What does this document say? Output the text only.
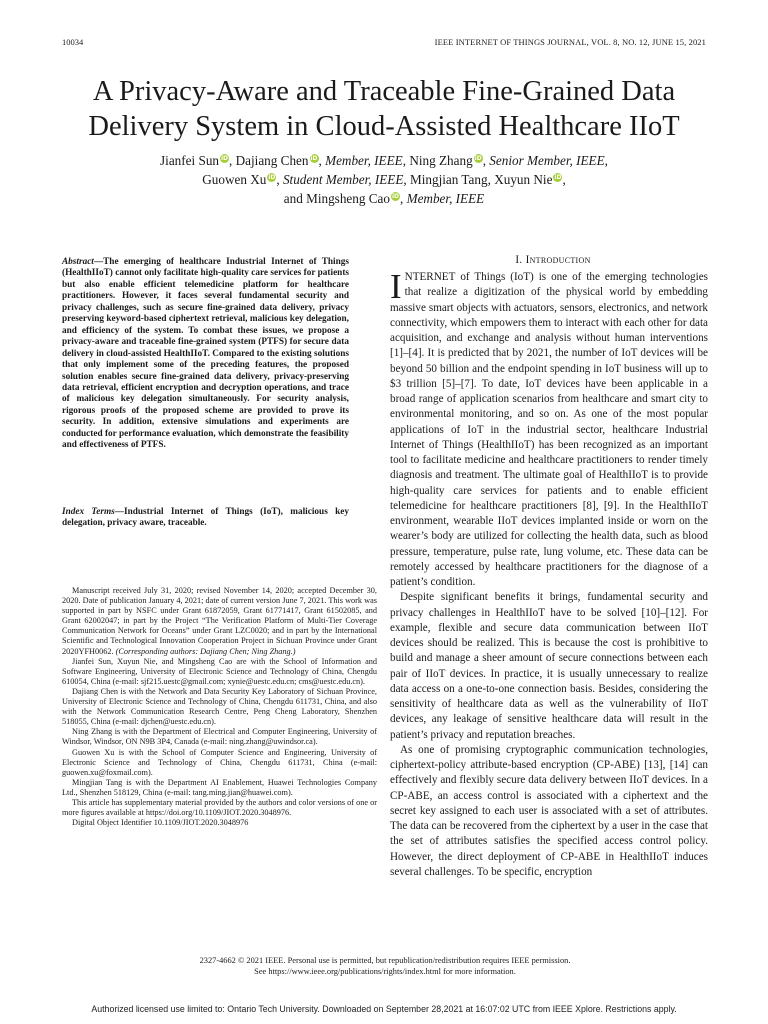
10034	IEEE INTERNET OF THINGS JOURNAL, VOL. 8, NO. 12, JUNE 15, 2021
A Privacy-Aware and Traceable Fine-Grained Data
Delivery System in Cloud-Assisted Healthcare IIoT
Jianfei Sun iD, Dajiang Chen iD, Member, IEEE, Ning Zhang iD, Senior Member, IEEE,
Guowen Xu iD, Student Member, IEEE, Mingjian Tang, Xuyun Nie iD,
and Mingsheng Cao iD, Member, IEEE
Abstract—The emerging of healthcare Industrial Internet of Things (HealthIIoT) cannot only facilitate high-quality care services for patients but also enable efficient telemedicine platform for healthcare practitioners. However, it faces several fundamental security and privacy challenges, such as secure fine-grained data delivery, privacy preserving keyword-based ciphertext retrieval, malicious key delegation, and efficiency of the system. To combat these issues, we propose a privacy-aware and traceable fine-grained system (PTFS) for secure data delivery in cloud-assisted HealthIIoT. Compared to the existing solutions that only implement some of the preceding features, the proposed solution enables secure fine-grained data delivery, privacy-preserving data retrieval, efficient encryption and decryption operations, and trace of malicious key delegation simultaneously. For security analysis, rigorous proofs of the proposed scheme are provided to prove its security. In addition, extensive simulations and experiments are conducted for performance evaluation, which demonstrate the feasibility and effectiveness of PTFS.
Index Terms—Industrial Internet of Things (IoT), malicious key delegation, privacy aware, traceable.

Manuscript received July 31, 2020; revised November 14, 2020; accepted December 30, 2020. Date of publication January 4, 2021; date of current version June 7, 2021. This work was supported in part by NSFC under Grant 61872059, Grant 61771417, Grant 61502085, and Grant 62002047; in part by the Project “The Verification Platform of Multi-Tier Coverage Communication Network for Oceans” under Grant LZC0020; and in part by the International Scientific and Technological Innovation Cooperation Project in Sichuan Province under Grant 2020YFH0062. (Corresponding authors: Dajiang Chen; Ning Zhang.)

Jianfei Sun, Xuyun Nie, and Mingsheng Cao are with the School of Information and Software Engineering, University of Electronic Science and Technology of China, Chengdu 610054, China (e-mail: sjf215.uestc@gmail.com; xynie@uestc.edu.cn; cms@uestc.edu.cn).

Dajiang Chen is with the Network and Data Security Key Laboratory of Sichuan Province, University of Electronic Science and Technology of China, Chengdu 611731, China, and also with the Network Communication Research Centre, Peng Cheng Laboratory, Shenzhen 518055, China (e-mail: djchen@uestc.edu.cn).

Ning Zhang is with the Department of Electrical and Computer Engineering, University of Windsor, Windsor, ON N9B 3P4, Canada (e-mail: ning.zhang@uwindsor.ca).

Guowen Xu is with the School of Computer Science and Engineering, University of Electronic Science and Technology of China, Chengdu 611731, China (e-mail: guowen.xu@foxmail.com).

Mingjian Tang is with the Department AI Enablement, Huawei Technologies Company Ltd., Shenzhen 518129, China (e-mail: tang.ming.jian@huawei.com).

This article has supplementary material provided by the authors and color versions of one or more figures available at https://doi.org/10.1109/JIOT.2020.3048976.

Digital Object Identifier 10.1109/JIOT.2020.3048976

I. Introduction

INTERNET of Things (IoT) is one of the emerging technologies that realize a digitization of the physical world by embedding massive smart objects with actuators, sensors, electronics, and network connectivity, which empowers them to interact with each other for data acquisition, and exchange and analysis without human interventions [1]–[4]. It is predicted that by 2021, the number of IoT devices will be beyond 50 billion and the endpoint spending in IoT business will up to $3 trillion [5]–[7]. To date, IoT devices have been applicable in a broad range of application scenarios from healthcare and smart city to environmental monitoring, and so on. As one of the most popular applications of IoT in the industrial sector, healthcare Industrial Internet of Things (HealthIIoT) has been recognized as an important tool to facilitate medicine and healthcare practitioners to render timely diagnosis and treatment. The ultimate goal of HealthIIoT is to provide high-quality care services for patients and to enable efficient telemedicine for healthcare practitioners [8], [9]. In the HealthIIoT environment, wearable IIoT devices implanted inside or worn on the wearer’s body are utilized for collecting the health data, such as blood pressure, temperature, pulse rate, lung volume, etc. These data can be remotely accessed by healthcare practitioners for the diagnose of a patient’s condition.

Despite significant benefits it brings, fundamental security and privacy challenges in HealthIIoT have to be solved [10]–[12]. For example, flexible and secure data communication between IIoT devices should be realized. This is because the cost is prohibitive to build and manage a sheer amount of secure connections between each pair of IIoT devices. In practice, it is usually unnecessary to realize data access on a one-to-one connection basis. Besides, considering the sensitivity of healthcare data as well as the vulnerability of IIoT devices, any leakage of sensitive healthcare data will result in the patient’s privacy and reputation breaches.

As one of promising cryptographic communication technologies, ciphertext-policy attribute-based encryption (CP-ABE) [13], [14] can effectively and flexibly secure data delivery between IIoT devices. In a CP-ABE, an access control is associated with a ciphertext and the secret key assigned to each user is associated with a set of attributes. The data can be recovered from the ciphertext by a user in the case that the set of attributes satisfies the specified access control policy. However, the direct deployment of CP-ABE in HealthIIoT induces several challenges. To be specific, encryption

2327-4662 © 2021 IEEE. Personal use is permitted, but republication/redistribution requires IEEE permission.
See https://www.ieee.org/publications/rights/index.html for more information.
Authorized licensed use limited to: Ontario Tech University. Downloaded on September 28,2021 at 16:07:02 UTC from IEEE Xplore. Restrictions apply.
